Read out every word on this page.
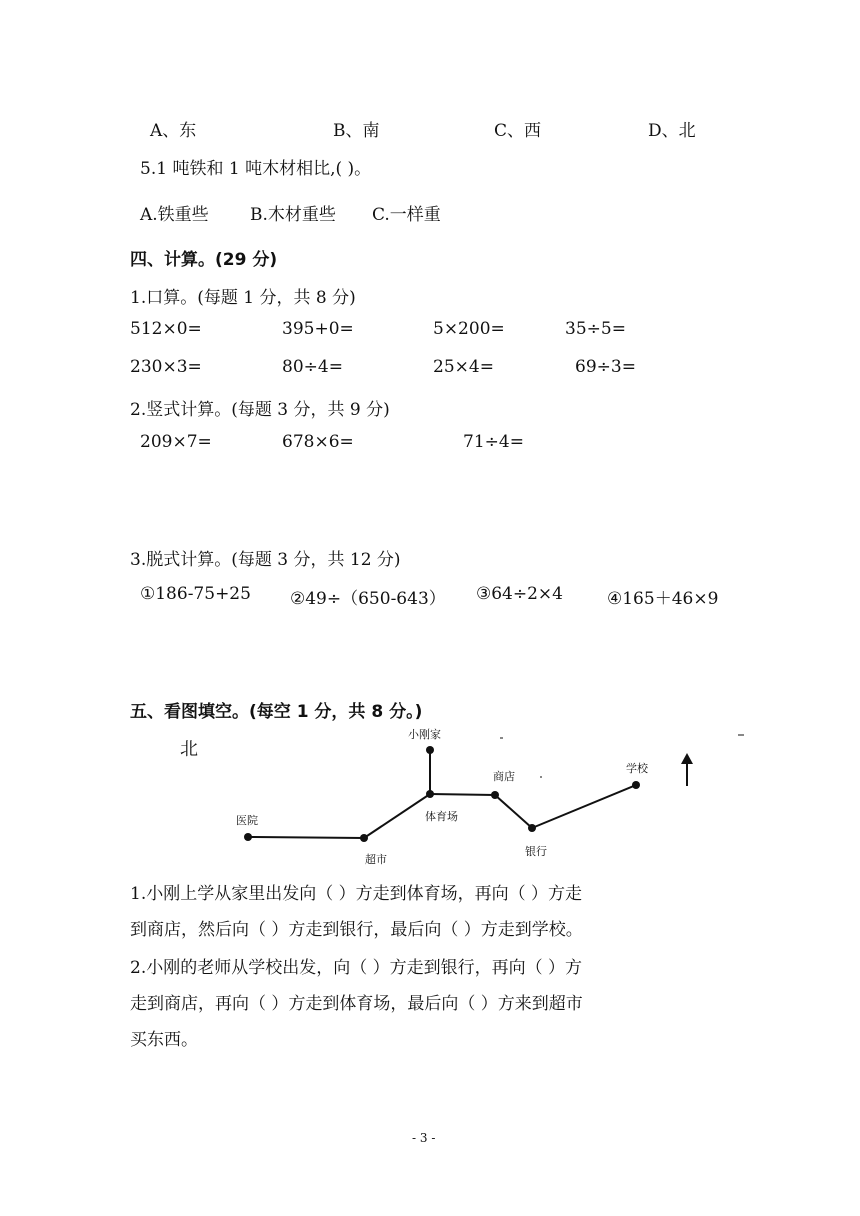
A、东	B、南	C、西	D、北
5.1 吨铁和 1 吨木材相比,( )。
A.铁重些 B.木材重些 C.一样重
四、计算。(29 分)
1.口算。(每题 1 分，共 8 分)
512×0=	395+0=	5×200=	35÷5=
230×3=	80÷4=	25×4=	69÷3=
2.竖式计算。(每题 3 分，共 9 分)
209×7=	678×6=	71÷4=
3.脱式计算。(每题 3 分，共 12 分)
①186-75+25 ②49÷（650-643） ③64÷2×4	④165＋46×9
五、看图填空。(每空 1 分，共 8 分。)
北
小刚家
商店
学校
体育场
医院
超市
银行
1.小刚上学从家里出发向（ ）方走到体育场，再向（ ）方走
到商店，然后向（ ）方走到银行，最后向（ ）方走到学校。
2.小刚的老师从学校出发，向（ ）方走到银行，再向（ ）方
走到商店，再向（ ）方走到体育场，最后向（ ）方来到超市
买东西。
- 3 -
